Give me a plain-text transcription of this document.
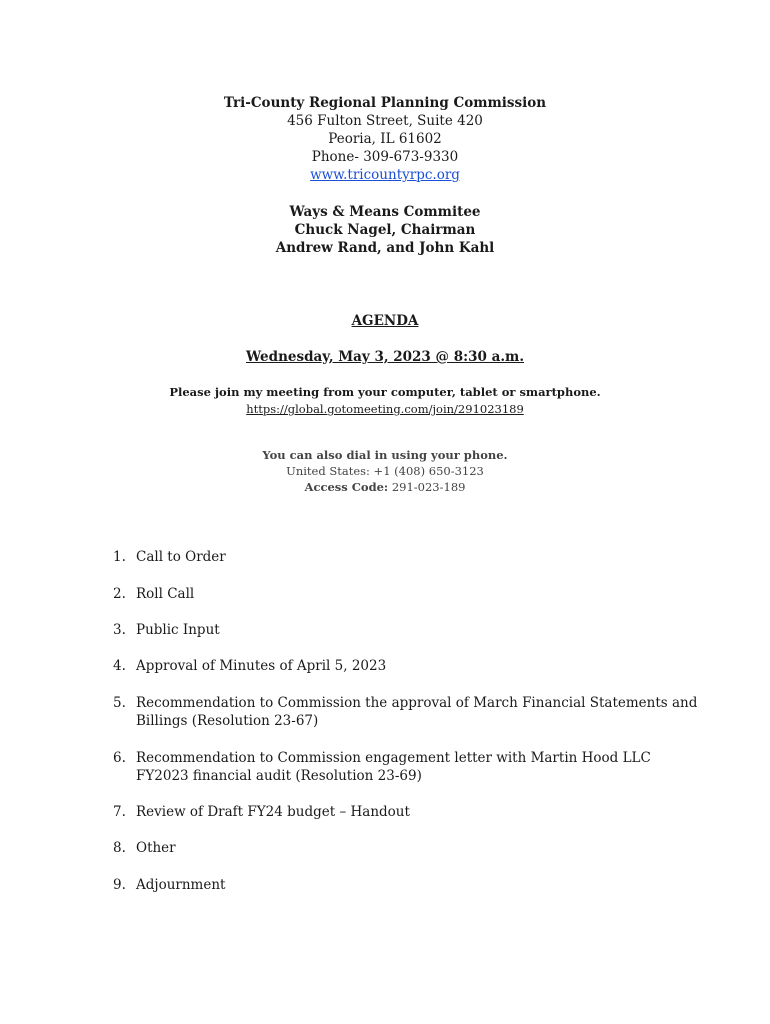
Tri-County Regional Planning Commission
456 Fulton Street, Suite 420
Peoria, IL 61602
Phone- 309-673-9330
www.tricountyrpc.org
Ways & Means Commitee
Chuck Nagel, Chairman
Andrew Rand, and John Kahl
AGENDA
Wednesday, May 3, 2023 @ 8:30 a.m.
Please join my meeting from your computer, tablet or smartphone.
https://global.gotomeeting.com/join/291023189
You can also dial in using your phone.
United States: +1 (408) 650-3123
Access Code: 291-023-189
1. Call to Order
2. Roll Call
3. Public Input
4. Approval of Minutes of April 5, 2023
5. Recommendation to Commission the approval of March Financial Statements and Billings (Resolution 23-67)
6. Recommendation to Commission engagement letter with Martin Hood LLC FY2023 financial audit (Resolution 23-69)
7. Review of Draft FY24 budget – Handout
8. Other
9. Adjournment
